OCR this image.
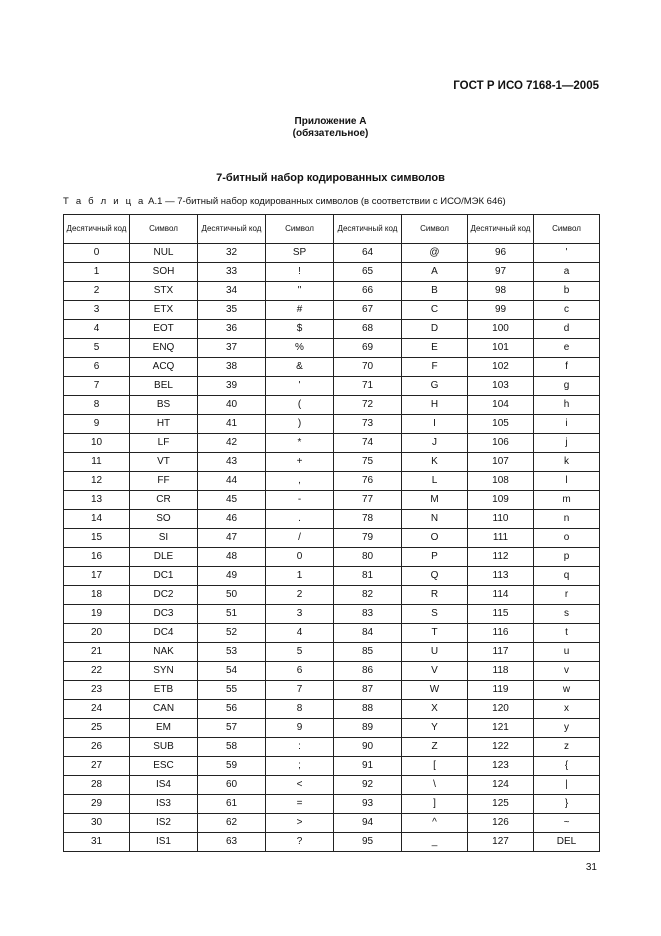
ГОСТ Р ИСО 7168-1—2005
Приложение А
(обязательное)
7-битный набор кодированных символов
Т а б л и ц а А.1 — 7-битный набор кодированных символов (в соответствии с ИСО/МЭК 646)
Десятичный код	Символ	Десятичный код	Символ	Десятичный код	Символ	Десятичный код	Символ
0	NUL	32	SP	64	@	96	'
1	SOH	33	!	65	A	97	a
2	STX	34	"	66	B	98	b
3	ETX	35	#	67	C	99	c
4	EOT	36	$	68	D	100	d
5	ENQ	37	%	69	E	101	e
6	ACQ	38	&	70	F	102	f
7	BEL	39	'	71	G	103	g
8	BS	40	(	72	H	104	h
9	HT	41	)	73	I	105	i
10	LF	42	*	74	J	106	j
11	VT	43	+	75	K	107	k
12	FF	44	,	76	L	108	l
13	CR	45	-	77	M	109	m
14	SO	46	.	78	N	110	n
15	SI	47	/	79	O	111	o
16	DLE	48	0	80	P	112	p
17	DC1	49	1	81	Q	113	q
18	DC2	50	2	82	R	114	r
19	DC3	51	3	83	S	115	s
20	DC4	52	4	84	T	116	t
21	NAK	53	5	85	U	117	u
22	SYN	54	6	86	V	118	v
23	ETB	55	7	87	W	119	w
24	CAN	56	8	88	X	120	x
25	EM	57	9	89	Y	121	y
26	SUB	58	:	90	Z	122	z
27	ESC	59	;	91	[	123	{
28	IS4	60	<	92	\	124	|
29	IS3	61	=	93	]	125	}
30	IS2	62	>	94	^	126	~
31	IS1	63	?	95	_	127	DEL
31
